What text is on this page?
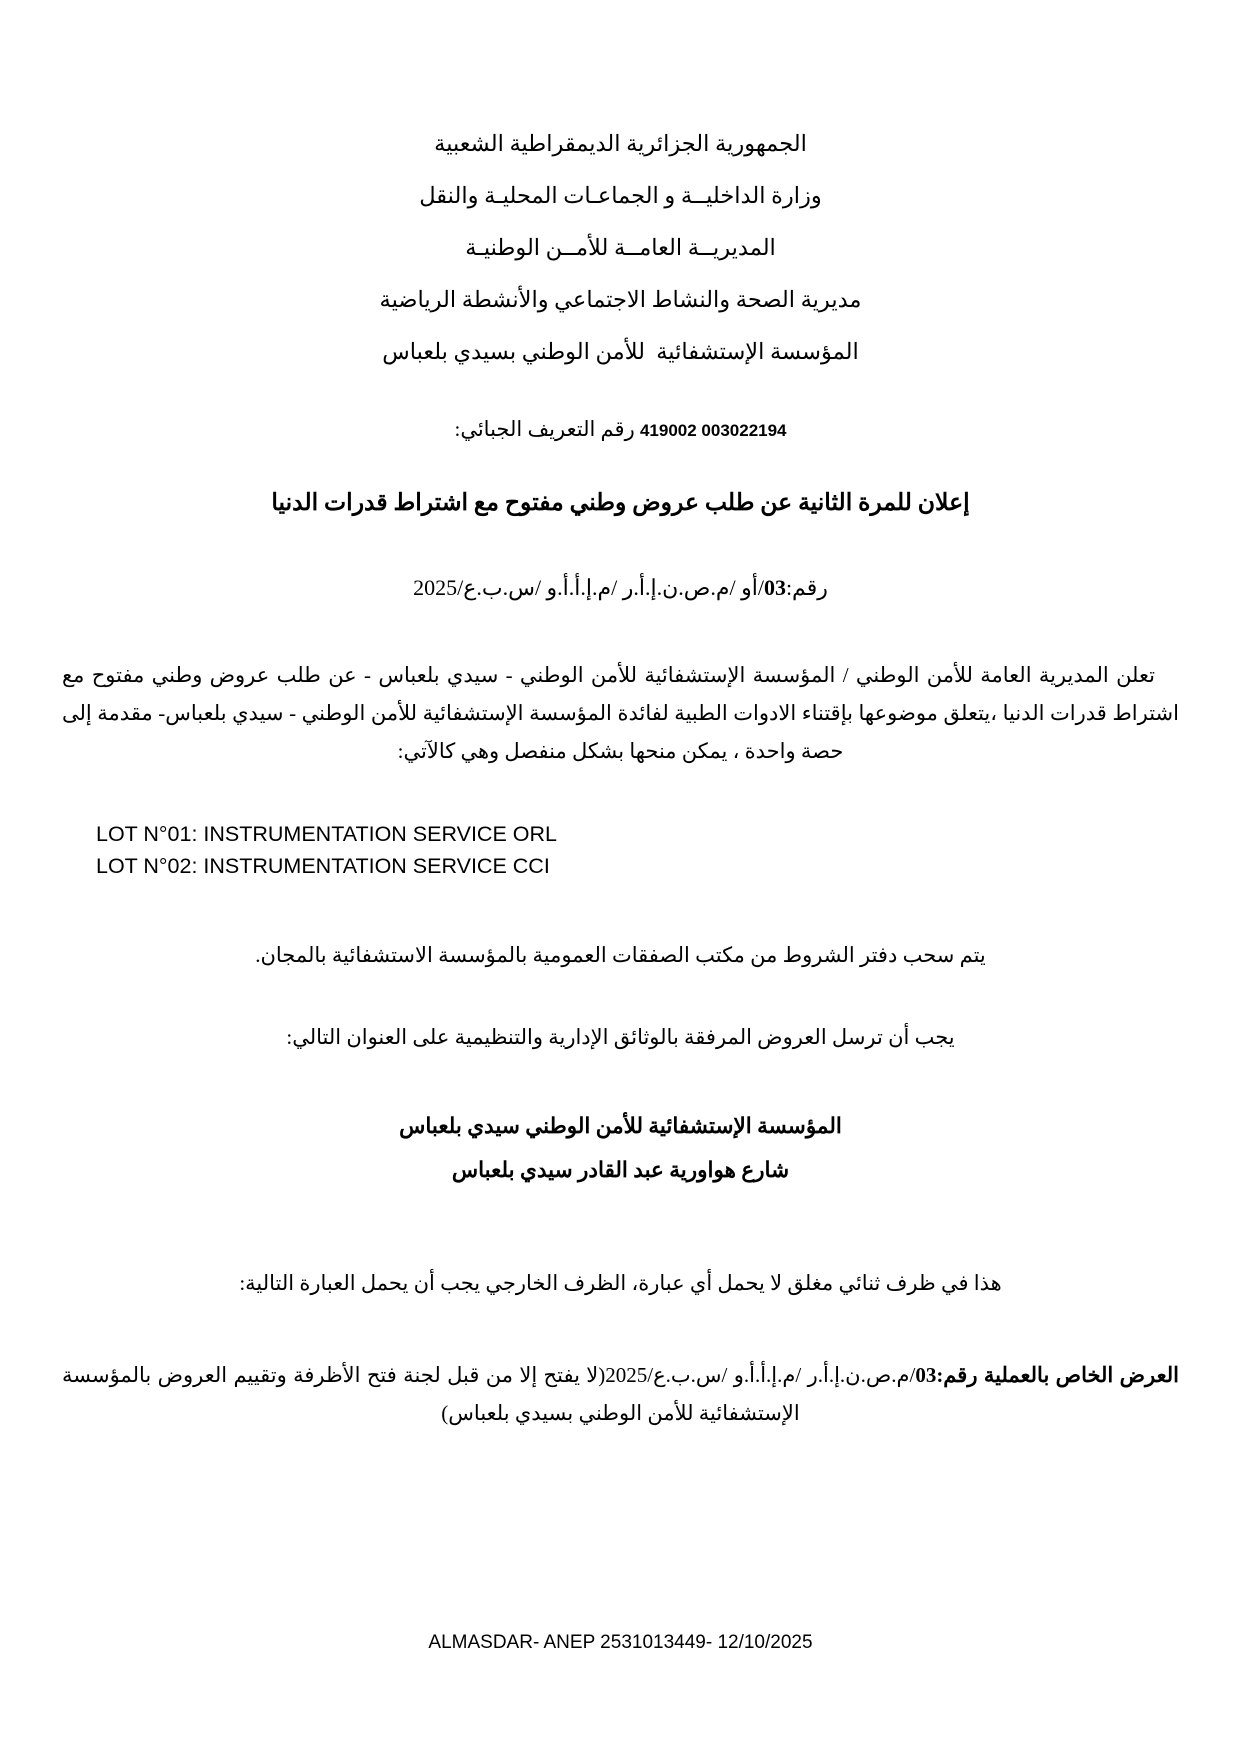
الجمهورية الجزائرية الديمقراطية الشعبية
وزارة الداخليــة و الجماعـات المحليـة والنقل
المديريــة العامــة للأمــن الوطنيـة
مديرية الصحة والنشاط الاجتماعي والأنشطة الرياضية
المؤسسة الإستشفائية  للأمن الوطني بسيدي بلعباس
419002 003022194 رقم التعريف الجبائي:
إعلان للمرة الثانية عن طلب عروض وطني مفتوح مع اشتراط قدرات الدنيا
رقم:03/أو /م.ص.ن.إ.أ.ر /م.إ.أ.أ.و /س.ب.ع/2025

تعلن المديرية العامة للأمن الوطني / المؤسسة الإستشفائية للأمن الوطني - سيدي بلعباس - عن طلب عروض وطني مفتوح مع اشتراط قدرات الدنيا ،يتعلق موضوعها بإقتناء الادوات الطبية لفائدة المؤسسة الإستشفائية للأمن الوطني - سيدي بلعباس- مقدمة إلى حصة واحدة ، يمكن منحها بشكل منفصل وهي كالآتي:

LOT N°01: INSTRUMENTATION SERVICE ORL
LOT N°02: INSTRUMENTATION SERVICE CCI

يتم سحب دفتر الشروط من مكتب الصفقات العمومية بالمؤسسة الاستشفائية بالمجان.

يجب أن ترسل العروض المرفقة بالوثائق الإدارية والتنظيمية على العنوان التالي:

المؤسسة الإستشفائية للأمن الوطني سيدي بلعباس
شارع هواورية عبد القادر سيدي بلعباس
هذا في ظرف ثنائي مغلق لا يحمل أي عبارة، الظرف الخارجي يجب أن يحمل العبارة التالية:

العرض الخاص بالعملية رقم:03/م.ص.ن.إ.أ.ر /م.إ.أ.أ.و /س.ب.ع/2025(لا يفتح إلا من قبل لجنة فتح الأظرفة وتقييم العروض بالمؤسسة الإستشفائية للأمن الوطني بسيدي بلعباس)

ALMASDAR- ANEP 2531013449- 12/10/2025
